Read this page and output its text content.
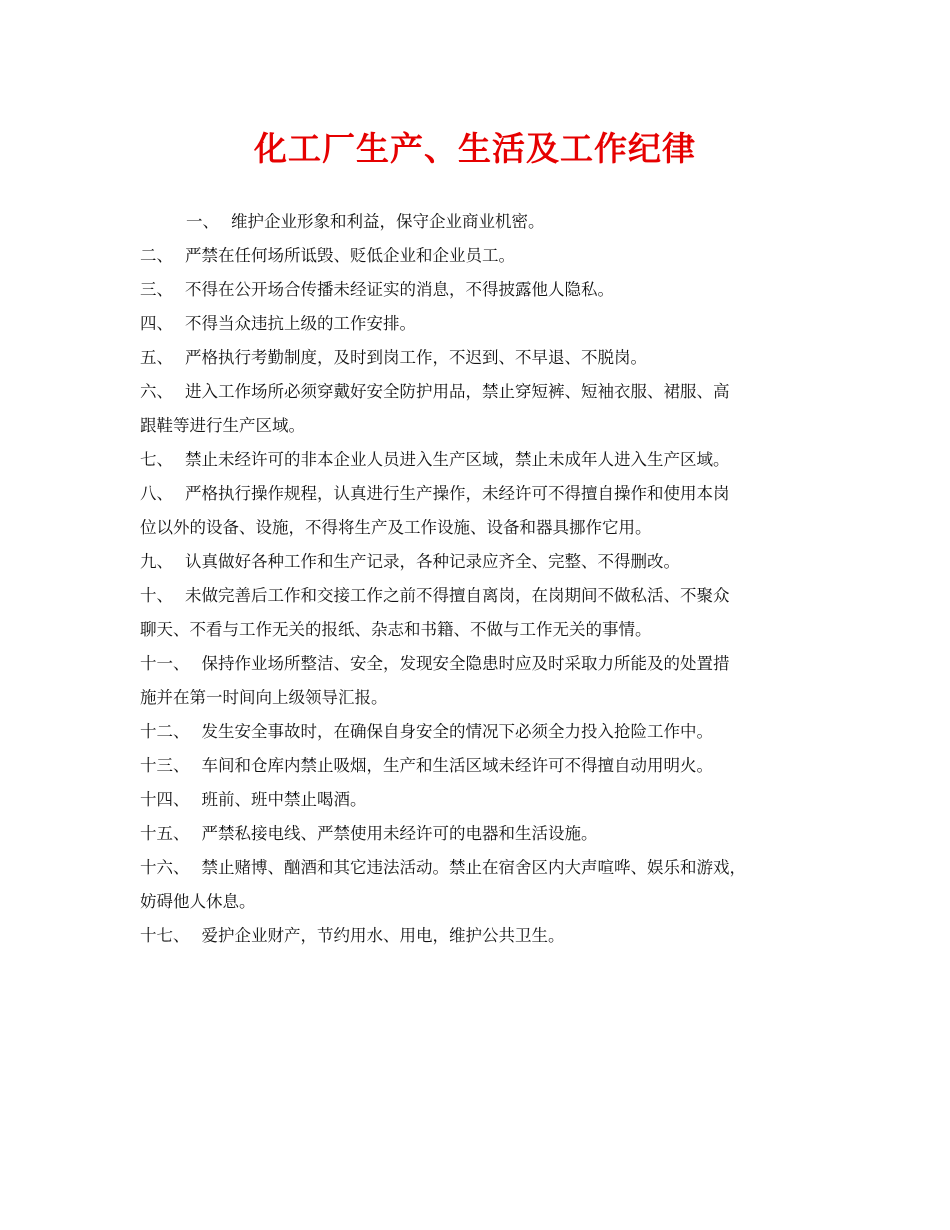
化工厂生产、生活及工作纪律
一、 维护企业形象和利益，保守企业商业机密。
二、 严禁在任何场所诋毁、贬低企业和企业员工。
三、 不得在公开场合传播未经证实的消息，不得披露他人隐私。
四、 不得当众违抗上级的工作安排。
五、 严格执行考勤制度，及时到岗工作，不迟到、不早退、不脱岗。
六、 进入工作场所必须穿戴好安全防护用品，禁止穿短裤、短袖衣服、裙服、高
跟鞋等进行生产区域。
七、 禁止未经许可的非本企业人员进入生产区域，禁止未成年人进入生产区域。
八、 严格执行操作规程，认真进行生产操作，未经许可不得擅自操作和使用本岗
位以外的设备、设施，不得将生产及工作设施、设备和器具挪作它用。
九、 认真做好各种工作和生产记录，各种记录应齐全、完整、不得删改。
十、 未做完善后工作和交接工作之前不得擅自离岗，在岗期间不做私活、不聚众
聊天、不看与工作无关的报纸、杂志和书籍、不做与工作无关的事情。
十一、 保持作业场所整洁、安全，发现安全隐患时应及时采取力所能及的处置措
施并在第一时间向上级领导汇报。
十二、 发生安全事故时，在确保自身安全的情况下必须全力投入抢险工作中。
十三、 车间和仓库内禁止吸烟，生产和生活区域未经许可不得擅自动用明火。
十四、 班前、班中禁止喝酒。
十五、 严禁私接电线、严禁使用未经许可的电器和生活设施。
十六、 禁止赌博、酗酒和其它违法活动。禁止在宿舍区内大声喧哗、娱乐和游戏，
妨碍他人休息。
十七、 爱护企业财产，节约用水、用电，维护公共卫生。
